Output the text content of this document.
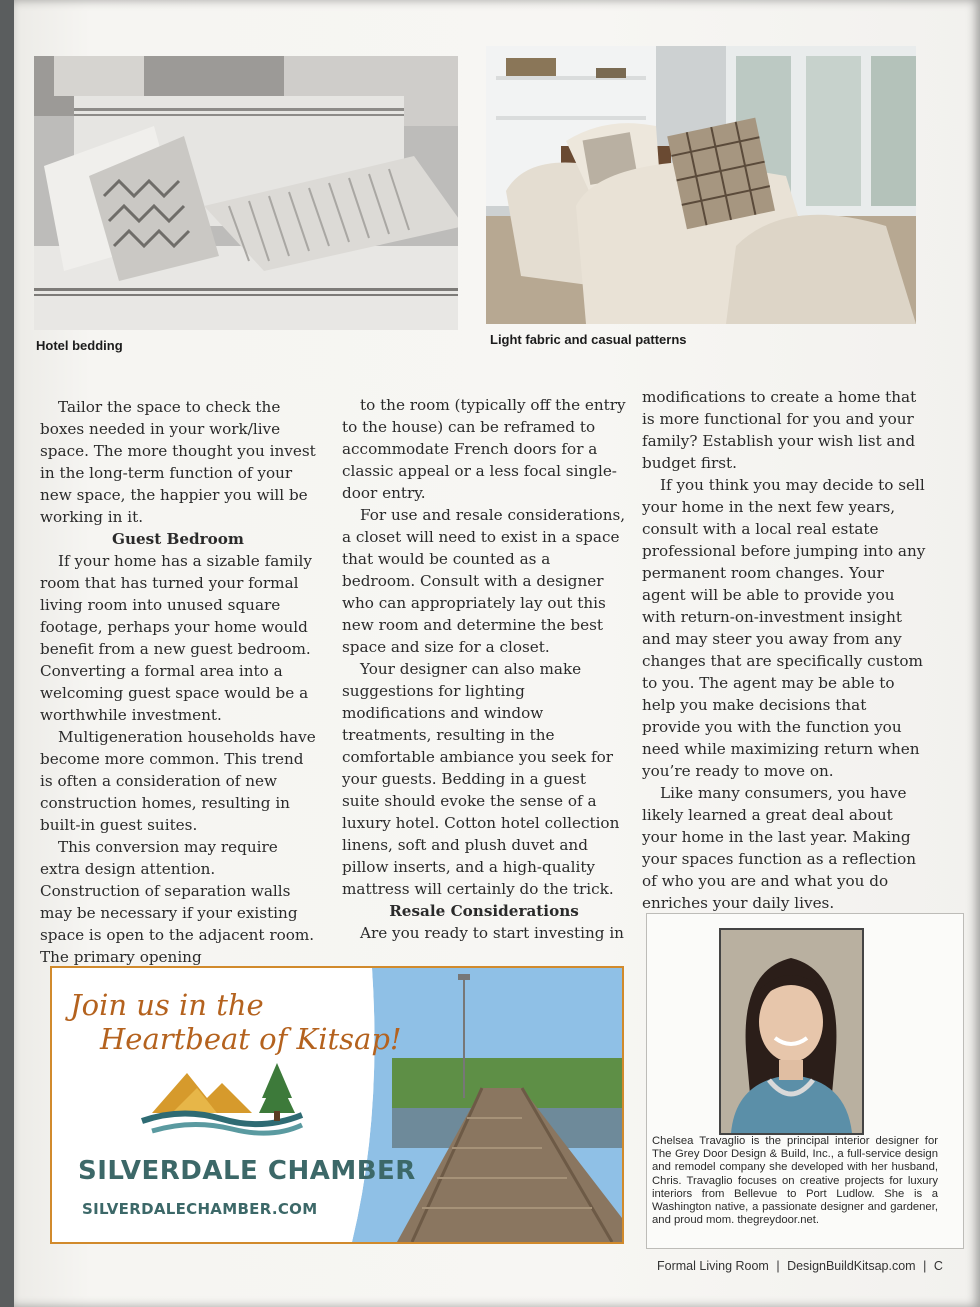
Hotel bedding	Light fabric and casual patterns

Tailor the space to check the boxes needed in your work/live space. The more thought you invest in the long-term function of your new space, the happier you will be working in it.

Guest Bedroom

If your home has a sizable family room that has turned your formal living room into unused square footage, perhaps your home would benefit from a new guest bedroom. Converting a formal area into a welcoming guest space would be a worthwhile investment.

Multigeneration households have become more common. This trend is often a consideration of new construction homes, resulting in built-in guest suites.

This conversion may require extra design attention. Construction of separation walls may be necessary if your existing space is open to the adjacent room. The primary opening

to the room (typically off the entry to the house) can be reframed to accommodate French doors for a classic appeal or a less focal single-door entry.

For use and resale considerations, a closet will need to exist in a space that would be counted as a bedroom. Consult with a designer who can appropriately lay out this new room and determine the best space and size for a closet.

Your designer can also make suggestions for lighting modifications and window treatments, resulting in the comfortable ambiance you seek for your guests. Bedding in a guest suite should evoke the sense of a luxury hotel. Cotton hotel collection linens, soft and plush duvet and pillow inserts, and a high-quality mattress will certainly do the trick.

Resale Considerations

Are you ready to start investing in

modifications to create a home that is more functional for you and your family? Establish your wish list and budget first.

If you think you may decide to sell your home in the next few years, consult with a local real estate professional before jumping into any permanent room changes. Your agent will be able to provide you with return-on-investment insight and may steer you away from any changes that are specifically custom to you. The agent may be able to help you make decisions that provide you with the function you need while maximizing return when you’re ready to move on.

Like many consumers, you have likely learned a great deal about your home in the last year. Making your spaces function as a reflection of who you are and what you do enriches your daily lives.

Join us in the
Heartbeat of Kitsap!
SILVERDALE CHAMBER
SILVERDALECHAMBER.COM
Chelsea Travaglio is the principal interior designer for The Grey Door Design & Build, Inc., a full-service design and remodel company she developed with her husband, Chris. Travaglio focuses on creative projects for luxury interiors from Bellevue to Port Ludlow. She is a Washington native, a passionate designer and gardener, and proud mom. thegreydoor.net.
Formal Living Room | DesignBuildKitsap.com | C
